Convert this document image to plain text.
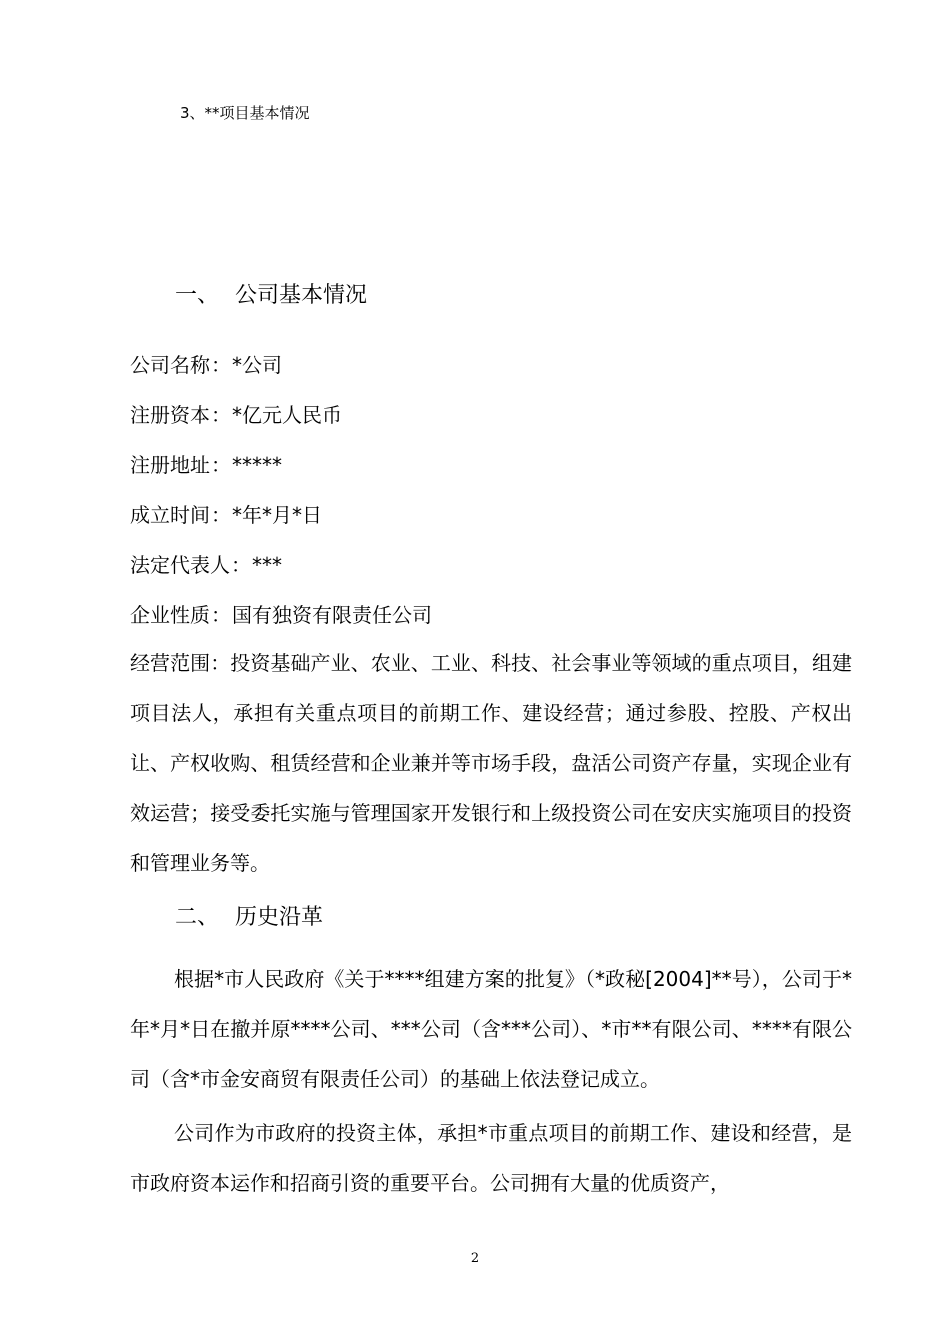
3、**项目基本情况
一、 公司基本情况
公司名称：*公司
注册资本：*亿元人民币
注册地址：*****
成立时间：*年*月*日
法定代表人：***
企业性质：国有独资有限责任公司
经营范围：投资基础产业、农业、工业、科技、社会事业等领域的重点项目，组建项目法人，承担有关重点项目的前期工作、建设经营；通过参股、控股、产权出让、产权收购、租赁经营和企业兼并等市场手段，盘活公司资产存量，实现企业有效运营；接受委托实施与管理国家开发银行和上级投资公司在安庆实施项目的投资和管理业务等。
二、 历史沿革

根据*市人民政府《关于****组建方案的批复》（*政秘[2004]**号），公司于*年*月*日在撤并原****公司、***公司（含***公司）、*市**有限公司、****有限公司（含*市金安商贸有限责任公司）的基础上依法登记成立。

公司作为市政府的投资主体，承担*市重点项目的前期工作、建设和经营，是市政府资本运作和招商引资的重要平台。公司拥有大量的优质资产，

2
